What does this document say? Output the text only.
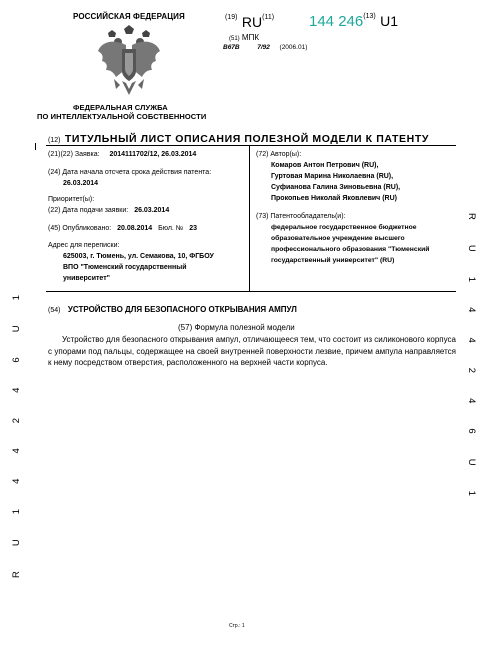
РОССИЙСКАЯ ФЕДЕРАЦИЯ
ФЕДЕРАЛЬНАЯ СЛУЖБА
ПО ИНТЕЛЛЕКТУАЛЬНОЙ СОБСТВЕННОСТИ
$^{(19)}$ RU$^{(11)}$ 144 246$^{(13)}$ U1
(51) МПК
B67B	7/92 (2006.01)
(12) ТИТУЛЬНЫЙ ЛИСТ ОПИСАНИЯ ПОЛЕЗНОЙ МОДЕЛИ К ПАТЕНТУ
(21)(22) Заявка: 2014111702/12, 26.03.2014
(24) Дата начала отсчета срока действия патента:
26.03.2014
Приоритет(ы):
(22) Дата подачи заявки: 26.03.2014
(45) Опубликовано: 20.08.2014 Бюл. № 23
Адрес для переписки:
625003, г. Тюмень, ул. Семакова, 10, ФГБОУ
ВПО "Тюменский государственный
университет"
(72) Автор(ы):
Комаров Антон Петрович (RU),
Гуртовая Марина Николаевна (RU),
Суфианова Галина Зиновьевна (RU),
Прокопьев Николай Яковлевич (RU)
(73) Патентообладатель(и):
федеральное государственное бюджетное
образовательное учреждение высшего
профессионального образования "Тюменский
государственный университет" (RU)
(54) УСТРОЙСТВО ДЛЯ БЕЗОПАСНОГО ОТКРЫВАНИЯ АМПУЛ
(57) Формула полезной модели

Устройство для безопасного открывания ампул, отличающееся тем, что состоит из силиконового корпуса с упорами под пальцы, содержащее на своей внутренней поверхности лезвие, причем ампула направляется к нему посредством отверстия, расположенного на верхней части корпуса.	R U 1 4 4 2 4 6 U 1
R U 1 4 4 2 4 6 U 1
Стр.: 1
